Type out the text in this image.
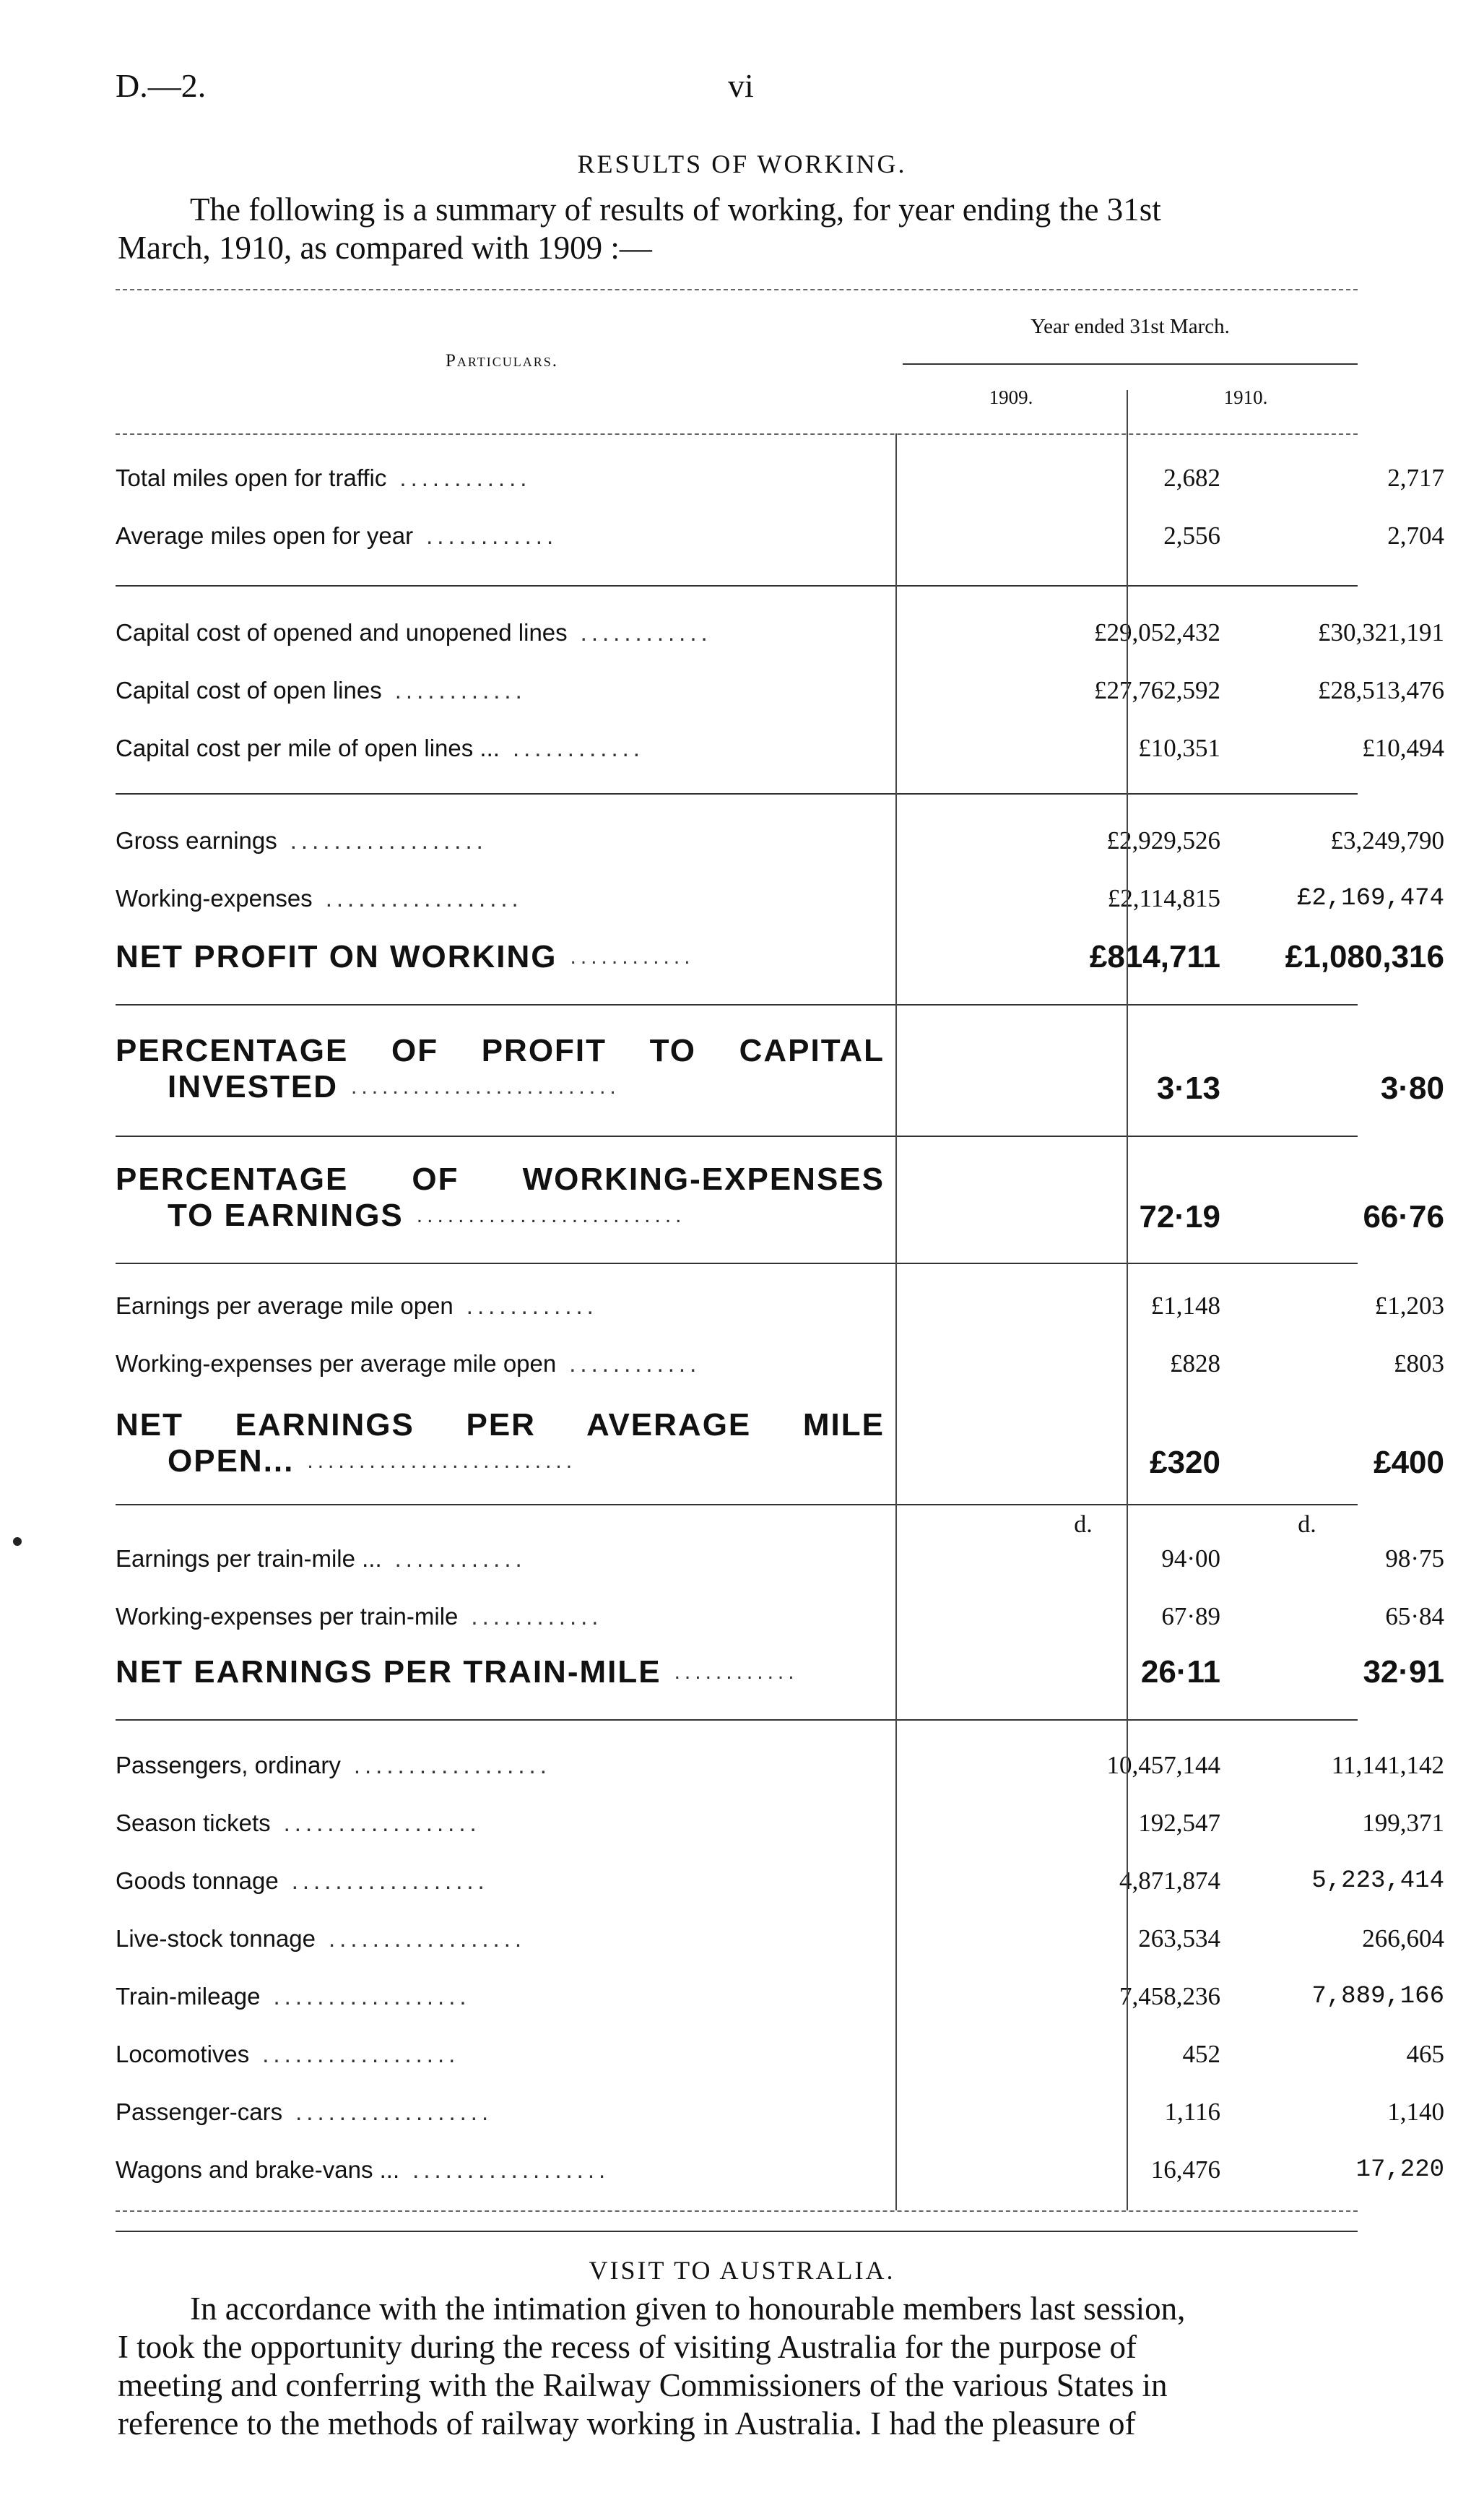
D.—2.	vi
RESULTS OF WORKING.
The following is a summary of results of working, for year ending the 31st
March, 1910, as compared with 1909 :—
Particulars.
Year ended 31st March.
1909.	1910.
Total miles open for traffic ............	2,682	2,717
Average miles open for year ............	2,556	2,704
Capital cost of opened and unopened lines ............	£29,052,432	£30,321,191
Capital cost of open lines ............	£27,762,592	£28,513,476
Capital cost per mile of open lines ... ............	£10,351	£10,494
Gross earnings ..................	£2,929,526	£3,249,790
Working-expenses ..................	£2,114,815	£2,169,474
NET PROFIT ON WORKING ............	£814,711	£1,080,316
PERCENTAGE OF PROFIT TO CAPITAL
INVESTED ..........................	3·13	3·80
PERCENTAGE OF WORKING-EXPENSES
TO EARNINGS ..........................	72·19	66·76
Earnings per average mile open ............	£1,148	£1,203
Working-expenses per average mile open ............	£828	£803
NET EARNINGS PER AVERAGE MILE
OPEN... ..........................	£320	£400
d.	d.
Earnings per train-mile ... ............	94·00	98·75
Working-expenses per train-mile ............	67·89	65·84
NET EARNINGS PER TRAIN-MILE ............	26·11	32·91
Passengers, ordinary ..................	10,457,144	11,141,142
Season tickets ..................	192,547	199,371
Goods tonnage ..................	4,871,874	5,223,414
Live-stock tonnage ..................	263,534	266,604
Train-mileage ..................	7,458,236	7,889,166
Locomotives ..................	452	465
Passenger-cars ..................	1,116	1,140
Wagons and brake-vans ... ..................	16,476	17,220
VISIT TO AUSTRALIA.
In accordance with the intimation given to honourable members last session,
I took the opportunity during the recess of visiting Australia for the purpose of
meeting and conferring with the Railway Commissioners of the various States in
reference to the methods of railway working in Australia. I had the pleasure of
